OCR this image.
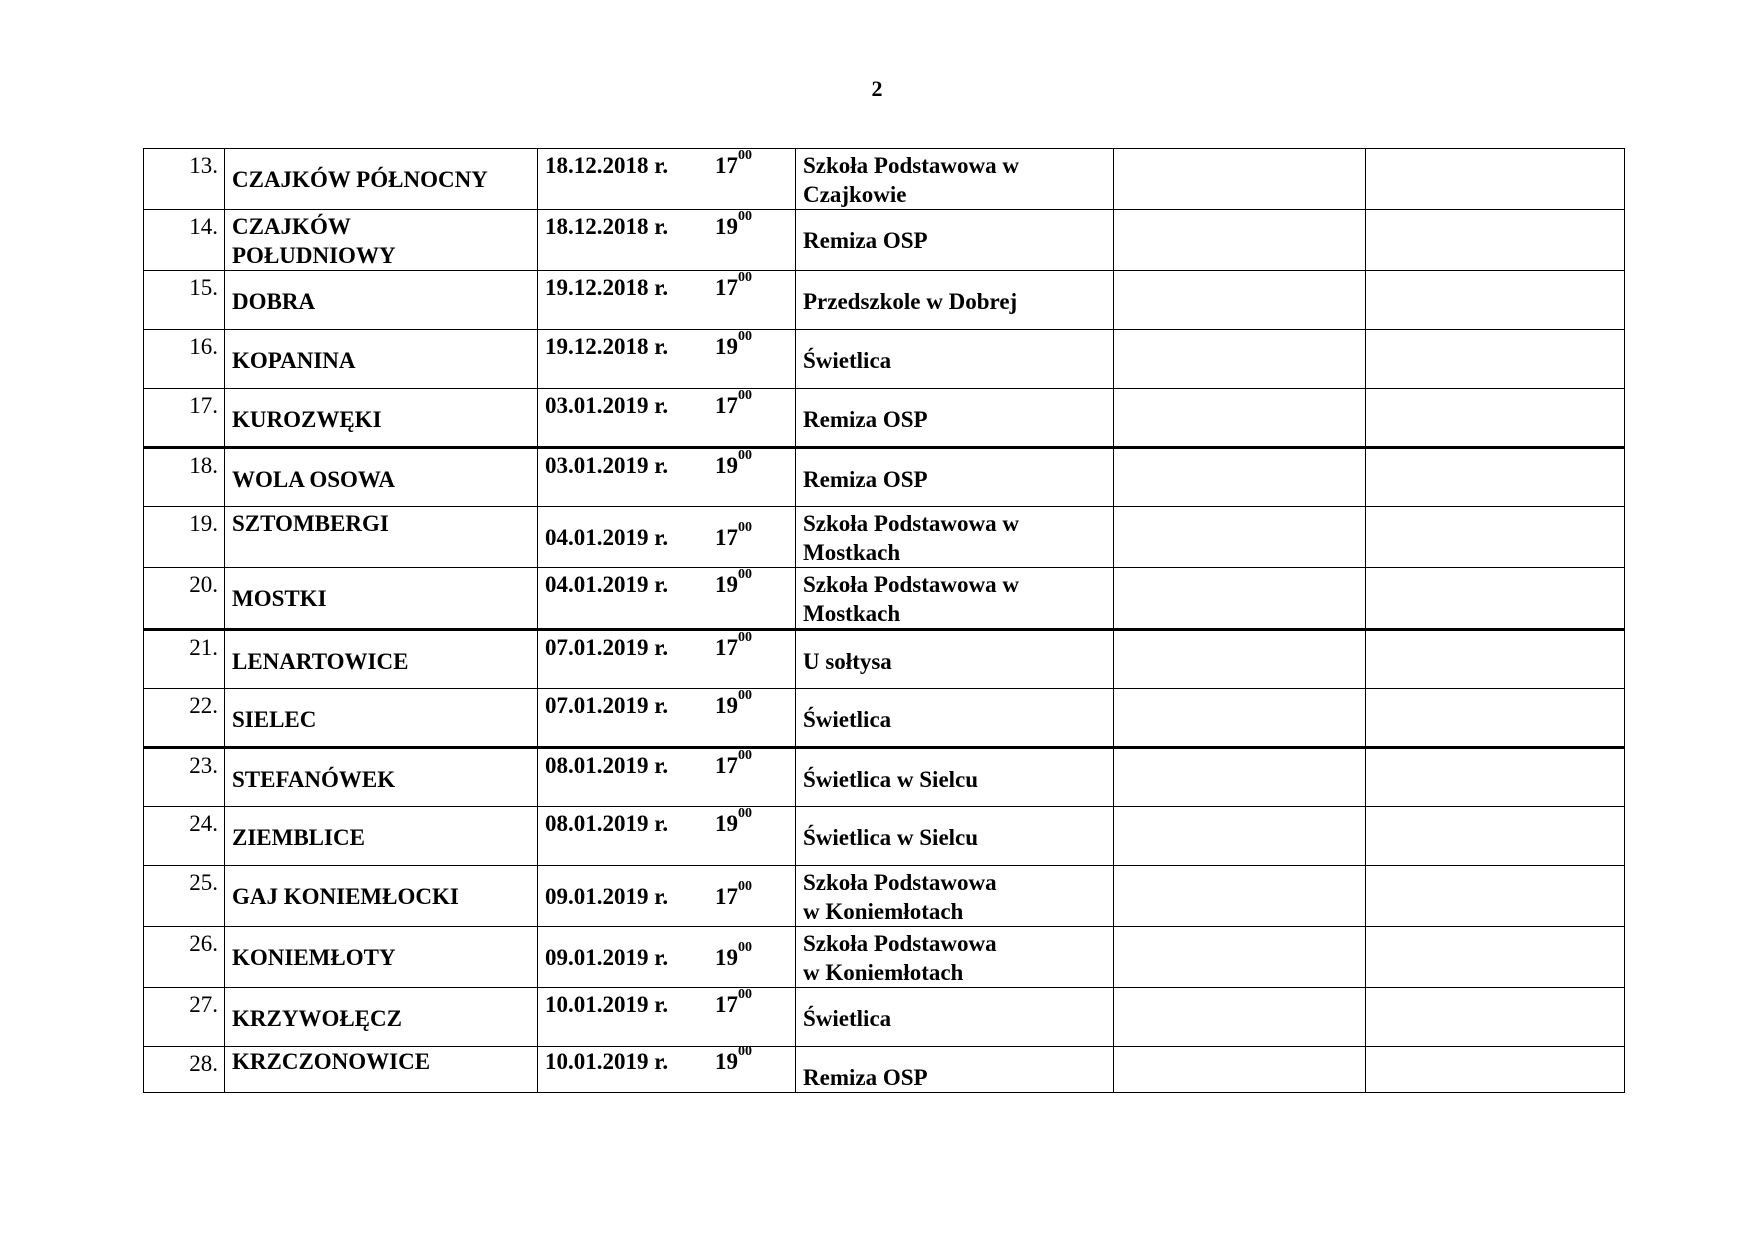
2
13.	CZAJKÓW PÓŁNOCNY	18.12.2018 r. $17^{00}$	Szkoła Podstawowa w
Czajkowie		
14.	CZAJKÓW
POŁUDNIOWY	18.12.2018 r. $19^{00}$	Remiza OSP		
15.	DOBRA	19.12.2018 r. $17^{00}$	Przedszkole w Dobrej		
16.	KOPANINA	19.12.2018 r. $19^{00}$	Świetlica		
17.	KUROZWĘKI	03.01.2019 r. $17^{00}$	Remiza OSP		
18.	WOLA OSOWA	03.01.2019 r. $19^{00}$	Remiza OSP		
19.	SZTOMBERGI	04.01.2019 r. $17^{00}$	Szkoła Podstawowa w
Mostkach		
20.	MOSTKI	04.01.2019 r. $19^{00}$	Szkoła Podstawowa w
Mostkach		
21.	LENARTOWICE	07.01.2019 r. $17^{00}$	U sołtysa		
22.	SIELEC	07.01.2019 r. $19^{00}$	Świetlica		
23.	STEFANÓWEK	08.01.2019 r. $17^{00}$	Świetlica w Sielcu		
24.	ZIEMBLICE	08.01.2019 r. $19^{00}$	Świetlica w Sielcu		
25.	GAJ KONIEMŁOCKI	09.01.2019 r. $17^{00}$	Szkoła Podstawowa
w Koniemłotach		
26.	KONIEMŁOTY	09.01.2019 r. $19^{00}$	Szkoła Podstawowa
w Koniemłotach		
27.	KRZYWOŁĘCZ	10.01.2019 r. $17^{00}$	Świetlica		
28.	KRZCZONOWICE	10.01.2019 r. $19^{00}$	Remiza OSP		
